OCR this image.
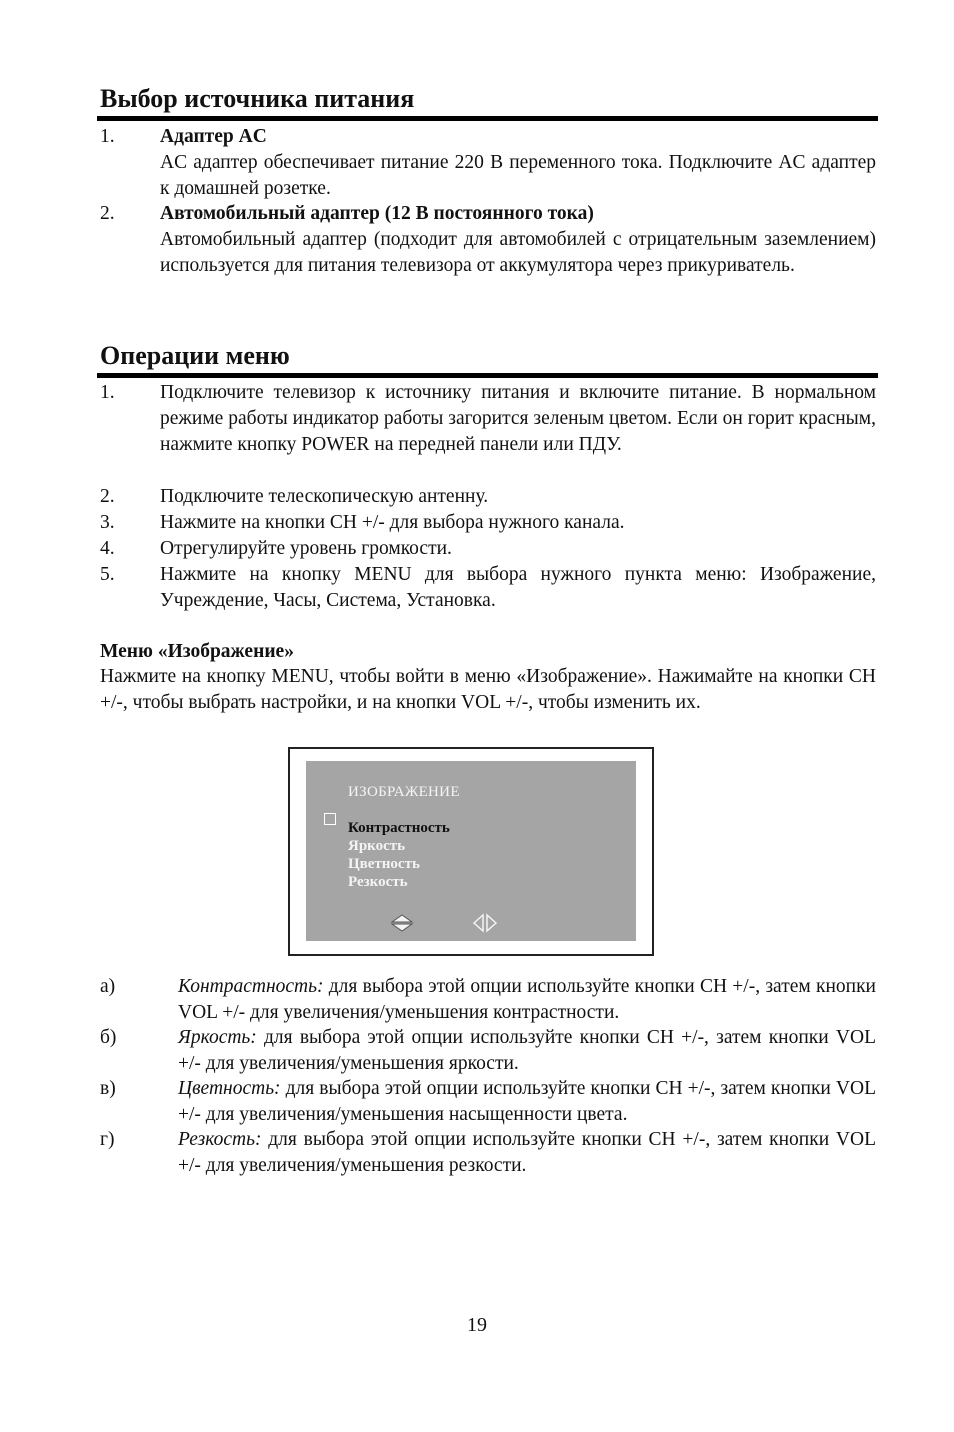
Выбор источника питания
1. Адаптер AC

AC адаптер обеспечивает питание 220 В переменного тока. Подключите AC адаптер к домашней розетке.

2. Автомобильный адаптер (12 В постоянного тока)

Автомобильный адаптер (подходит для автомобилей с отрицательным заземлением) используется для питания телевизора от аккумулятора через прикуриватель.

Операции меню
1. Подключите телевизор к источнику питания и включите питание. В нормальном режиме работы индикатор работы загорится зеленым цветом. Если он горит красным, нажмите кнопку POWER на передней панели или ПДУ.

2. Подключите телескопическую антенну.

3. Нажмите на кнопки CH +/- для выбора нужного канала.

4. Отрегулируйте уровень громкости.

5. Нажмите на кнопку MENU для выбора нужного пункта меню: Изображение, Учреждение, Часы, Система, Установка.

Меню «Изображение»
Нажмите на кнопку MENU, чтобы войти в меню «Изображение». Нажимайте на кнопки CH +/-, чтобы выбрать настройки, и на кнопки VOL +/-, чтобы изменить их.
ИЗОБРАЖЕНИЕ
Контрастность
Яркость
Цветность
Резкость
а)	Контрастность: для выбора этой опции используйте кнопки CH +/-, затем кнопки VOL +/- для увеличения/уменьшения контрастности.
б)	Яркость: для выбора этой опции используйте кнопки CH +/-, затем кнопки VOL +/- для увеличения/уменьшения яркости.
в)	Цветность: для выбора этой опции используйте кнопки CH +/-, затем кнопки VOL +/- для увеличения/уменьшения насыщенности цвета.
г)	Резкость: для выбора этой опции используйте кнопки CH +/-, затем кнопки VOL +/- для увеличения/уменьшения резкости.
19
